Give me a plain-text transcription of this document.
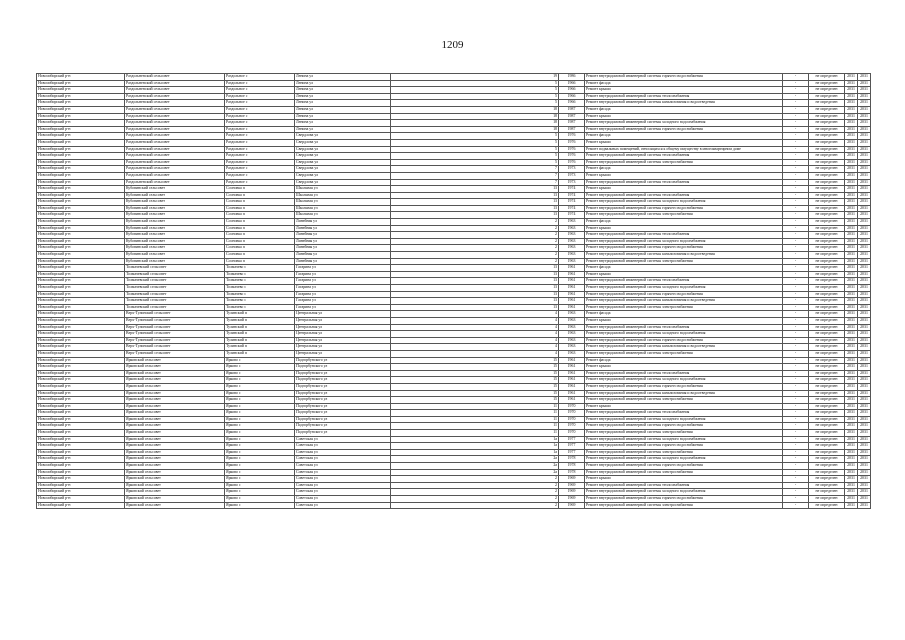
1209
Новосибирский р-н	Раздольненский сельсовет	Раздольное с	Ленина ул	19	1986	Ремонт внутридомовой инженерной системы горячего водоснабжения	-	не определен	2031	2031
Новосибирский р-н	Раздольненский сельсовет	Раздольное с	Ленина ул	5	1966	Ремонт фасада	-	не определен	2031	2031
Новосибирский р-н	Раздольненский сельсовет	Раздольное с	Ленина ул	5	1966	Ремонт крыши	-	не определен	2031	2031
Новосибирский р-н	Раздольненский сельсовет	Раздольное с	Ленина ул	5	1966	Ремонт внутридомовой инженерной системы теплоснабжения	-	не определен	2031	2031
Новосибирский р-н	Раздольненский сельсовет	Раздольное с	Ленина ул	5	1966	Ремонт внутридомовой инженерной системы канализования и водоотведения	-	не определен	2031	2031
Новосибирский р-н	Раздольненский сельсовет	Раздольное с	Ленина ул	18	1987	Ремонт фасада	-	не определен	2031	2031
Новосибирский р-н	Раздольненский сельсовет	Раздольное с	Ленина ул	18	1987	Ремонт крыши	-	не определен	2031	2031
Новосибирский р-н	Раздольненский сельсовет	Раздольное с	Ленина ул	18	1987	Ремонт внутридомовой инженерной системы холодного водоснабжения	-	не определен	2031	2031
Новосибирский р-н	Раздольненский сельсовет	Раздольное с	Ленина ул	18	1987	Ремонт внутридомовой инженерной системы горячего водоснабжения	-	не определен	2031	2031
Новосибирский р-н	Раздольненский сельсовет	Раздольное с	Свердлова ул	5	1976	Ремонт фасада	-	не определен	2031	2031
Новосибирский р-н	Раздольненский сельсовет	Раздольное с	Свердлова ул	5	1976	Ремонт крыши	-	не определен	2031	2031
Новосибирский р-н	Раздольненский сельсовет	Раздольное с	Свердлова ул	5	1976	Ремонт подвальных помещений, относящихся к общему имуществу в многоквартирном доме	-	не определен	2031	2031
Новосибирский р-н	Раздольненский сельсовет	Раздольное с	Свердлова ул	5	1976	Ремонт внутридомовой инженерной системы теплоснабжения	-	не определен	2031	2031
Новосибирский р-н	Раздольненский сельсовет	Раздольное с	Свердлова ул	5	1976	Ремонт внутридомовой инженерной системы электроснабжения	-	не определен	2031	2031
Новосибирский р-н	Раздольненский сельсовет	Раздольное с	Свердлова ул	7	1973	Ремонт фасада	-	не определен	2031	2031
Новосибирский р-н	Раздольненский сельсовет	Раздольное с	Свердлова ул	7	1973	Ремонт крыши	-	не определен	2031	2031
Новосибирский р-н	Раздольненский сельсовет	Раздольное с	Свердлова ул	7	1973	Ремонт внутридомовой инженерной системы теплоснабжения	-	не определен	2031	2031
Новосибирский р-н	Кубовинский сельсовет	Сосновка п	Школьная ул	13	1974	Ремонт крыши	-	не определен	2031	2031
Новосибирский р-н	Кубовинский сельсовет	Сосновка п	Школьная ул	13	1974	Ремонт внутридомовой инженерной системы теплоснабжения	-	не определен	2031	2031
Новосибирский р-н	Кубовинский сельсовет	Сосновка п	Школьная ул	13	1974	Ремонт внутридомовой инженерной системы холодного водоснабжения	-	не определен	2031	2031
Новосибирский р-н	Кубовинский сельсовет	Сосновка п	Школьная ул	13	1974	Ремонт внутридомовой инженерной системы горячего водоснабжения	-	не определен	2031	2031
Новосибирский р-н	Кубовинский сельсовет	Сосновка п	Школьная ул	13	1974	Ремонт внутридомовой инженерной системы электроснабжения	-	не определен	2031	2031
Новосибирский р-н	Кубовинский сельсовет	Сосновка п	Линейная ул	2	1963	Ремонт фасада	-	не определен	2031	2031
Новосибирский р-н	Кубовинский сельсовет	Сосновка п	Линейная ул	2	1963	Ремонт крыши	-	не определен	2031	2031
Новосибирский р-н	Кубовинский сельсовет	Сосновка п	Линейная ул	2	1963	Ремонт внутридомовой инженерной системы теплоснабжения	-	не определен	2031	2031
Новосибирский р-н	Кубовинский сельсовет	Сосновка п	Линейная ул	2	1963	Ремонт внутридомовой инженерной системы холодного водоснабжения	-	не определен	2031	2031
Новосибирский р-н	Кубовинский сельсовет	Сосновка п	Линейная ул	2	1963	Ремонт внутридомовой инженерной системы горячего водоснабжения	-	не определен	2031	2031
Новосибирский р-н	Кубовинский сельсовет	Сосновка п	Линейная ул	2	1963	Ремонт внутридомовой инженерной системы канализования и водоотведения	-	не определен	2031	2031
Новосибирский р-н	Кубовинский сельсовет	Сосновка п	Линейная ул	2	1963	Ремонт внутридомовой инженерной системы электроснабжения	-	не определен	2031	2031
Новосибирский р-н	Толмачевский сельсовет	Толмачево с	Гагарина ул	13	1961	Ремонт фасада	-	не определен	2031	2031
Новосибирский р-н	Толмачевский сельсовет	Толмачево с	Гагарина ул	13	1961	Ремонт крыши	-	не определен	2031	2031
Новосибирский р-н	Толмачевский сельсовет	Толмачево с	Гагарина ул	13	1961	Ремонт внутридомовой инженерной системы теплоснабжения	-	не определен	2031	2031
Новосибирский р-н	Толмачевский сельсовет	Толмачево с	Гагарина ул	13	1961	Ремонт внутридомовой инженерной системы холодного водоснабжения	-	не определен	2031	2031
Новосибирский р-н	Толмачевский сельсовет	Толмачево с	Гагарина ул	13	1961	Ремонт внутридомовой инженерной системы горячего водоснабжения	-	не определен	2031	2031
Новосибирский р-н	Толмачевский сельсовет	Толмачево с	Гагарина ул	13	1961	Ремонт внутридомовой инженерной системы канализования и водоотведения	-	не определен	2031	2031
Новосибирский р-н	Толмачевский сельсовет	Толмачево с	Гагарина ул	13	1961	Ремонт внутридомовой инженерной системы электроснабжения	-	не определен	2031	2031
Новосибирский р-н	Верх-Тулинский сельсовет	Тулинский п	Центральная ул	4	1963	Ремонт фасада	-	не определен	2031	2031
Новосибирский р-н	Верх-Тулинский сельсовет	Тулинский п	Центральная ул	4	1963	Ремонт крыши	-	не определен	2031	2031
Новосибирский р-н	Верх-Тулинский сельсовет	Тулинский п	Центральная ул	4	1963	Ремонт внутридомовой инженерной системы теплоснабжения	-	не определен	2031	2031
Новосибирский р-н	Верх-Тулинский сельсовет	Тулинский п	Центральная ул	4	1963	Ремонт внутридомовой инженерной системы холодного водоснабжения	-	не определен	2031	2031
Новосибирский р-н	Верх-Тулинский сельсовет	Тулинский п	Центральная ул	4	1963	Ремонт внутридомовой инженерной системы горячего водоснабжения	-	не определен	2031	2031
Новосибирский р-н	Верх-Тулинский сельсовет	Тулинский п	Центральная ул	4	1963	Ремонт внутридомовой инженерной системы канализования и водоотведения	-	не определен	2031	2031
Новосибирский р-н	Верх-Тулинский сельсовет	Тулинский п	Центральная ул	4	1963	Ремонт внутридомовой инженерной системы электроснабжения	-	не определен	2031	2031
Новосибирский р-н	Ярковский сельсовет	Ярково с	Подгорбунского ул	15	1961	Ремонт фасада	-	не определен	2031	2031
Новосибирский р-н	Ярковский сельсовет	Ярково с	Подгорбунского ул	15	1961	Ремонт крыши	-	не определен	2031	2031
Новосибирский р-н	Ярковский сельсовет	Ярково с	Подгорбунского ул	15	1961	Ремонт внутридомовой инженерной системы теплоснабжения	-	не определен	2031	2031
Новосибирский р-н	Ярковский сельсовет	Ярково с	Подгорбунского ул	15	1961	Ремонт внутридомовой инженерной системы холодного водоснабжения	-	не определен	2031	2031
Новосибирский р-н	Ярковский сельсовет	Ярково с	Подгорбунского ул	15	1961	Ремонт внутридомовой инженерной системы горячего водоснабжения	-	не определен	2031	2031
Новосибирский р-н	Ярковский сельсовет	Ярково с	Подгорбунского ул	15	1961	Ремонт внутридомовой инженерной системы канализования и водоотведения	-	не определен	2031	2031
Новосибирский р-н	Ярковский сельсовет	Ярково с	Подгорбунского ул	15	1961	Ремонт внутридомовой инженерной системы электроснабжения	-	не определен	2031	2031
Новосибирский р-н	Ярковский сельсовет	Ярково с	Подгорбунского ул	11	1970	Ремонт крыши	-	не определен	2031	2031
Новосибирский р-н	Ярковский сельсовет	Ярково с	Подгорбунского ул	11	1970	Ремонт внутридомовой инженерной системы теплоснабжения	-	не определен	2031	2031
Новосибирский р-н	Ярковский сельсовет	Ярково с	Подгорбунского ул	11	1970	Ремонт внутридомовой инженерной системы холодного водоснабжения	-	не определен	2031	2031
Новосибирский р-н	Ярковский сельсовет	Ярково с	Подгорбунского ул	11	1970	Ремонт внутридомовой инженерной системы горячего водоснабжения	-	не определен	2031	2031
Новосибирский р-н	Ярковский сельсовет	Ярково с	Подгорбунского ул	11	1970	Ремонт внутридомовой инженерной системы электроснабжения	-	не определен	2031	2031
Новосибирский р-н	Ярковский сельсовет	Ярково с	Советская ул	1а	1977	Ремонт внутридомовой инженерной системы холодного водоснабжения	-	не определен	2031	2031
Новосибирский р-н	Ярковский сельсовет	Ярково с	Советская ул	1а	1977	Ремонт внутридомовой инженерной системы горячего водоснабжения	-	не определен	2031	2031
Новосибирский р-н	Ярковский сельсовет	Ярково с	Советская ул	1а	1977	Ремонт внутридомовой инженерной системы электроснабжения	-	не определен	2031	2031
Новосибирский р-н	Ярковский сельсовет	Ярково с	Советская ул	2а	1978	Ремонт внутридомовой инженерной системы холодного водоснабжения	-	не определен	2031	2031
Новосибирский р-н	Ярковский сельсовет	Ярково с	Советская ул	2а	1978	Ремонт внутридомовой инженерной системы горячего водоснабжения	-	не определен	2031	2031
Новосибирский р-н	Ярковский сельсовет	Ярково с	Советская ул	2а	1978	Ремонт внутридомовой инженерной системы электроснабжения	-	не определен	2031	2031
Новосибирский р-н	Ярковский сельсовет	Ярково с	Советская ул	2	1969	Ремонт крыши	-	не определен	2031	2031
Новосибирский р-н	Ярковский сельсовет	Ярково с	Советская ул	2	1969	Ремонт внутридомовой инженерной системы теплоснабжения	-	не определен	2031	2031
Новосибирский р-н	Ярковский сельсовет	Ярково с	Советская ул	2	1969	Ремонт внутридомовой инженерной системы холодного водоснабжения	-	не определен	2031	2031
Новосибирский р-н	Ярковский сельсовет	Ярково с	Советская ул	2	1969	Ремонт внутридомовой инженерной системы горячего водоснабжения	-	не определен	2031	2031
Новосибирский р-н	Ярковский сельсовет	Ярково с	Советская ул	2	1969	Ремонт внутридомовой инженерной системы электроснабжения	-	не определен	2031	2031
